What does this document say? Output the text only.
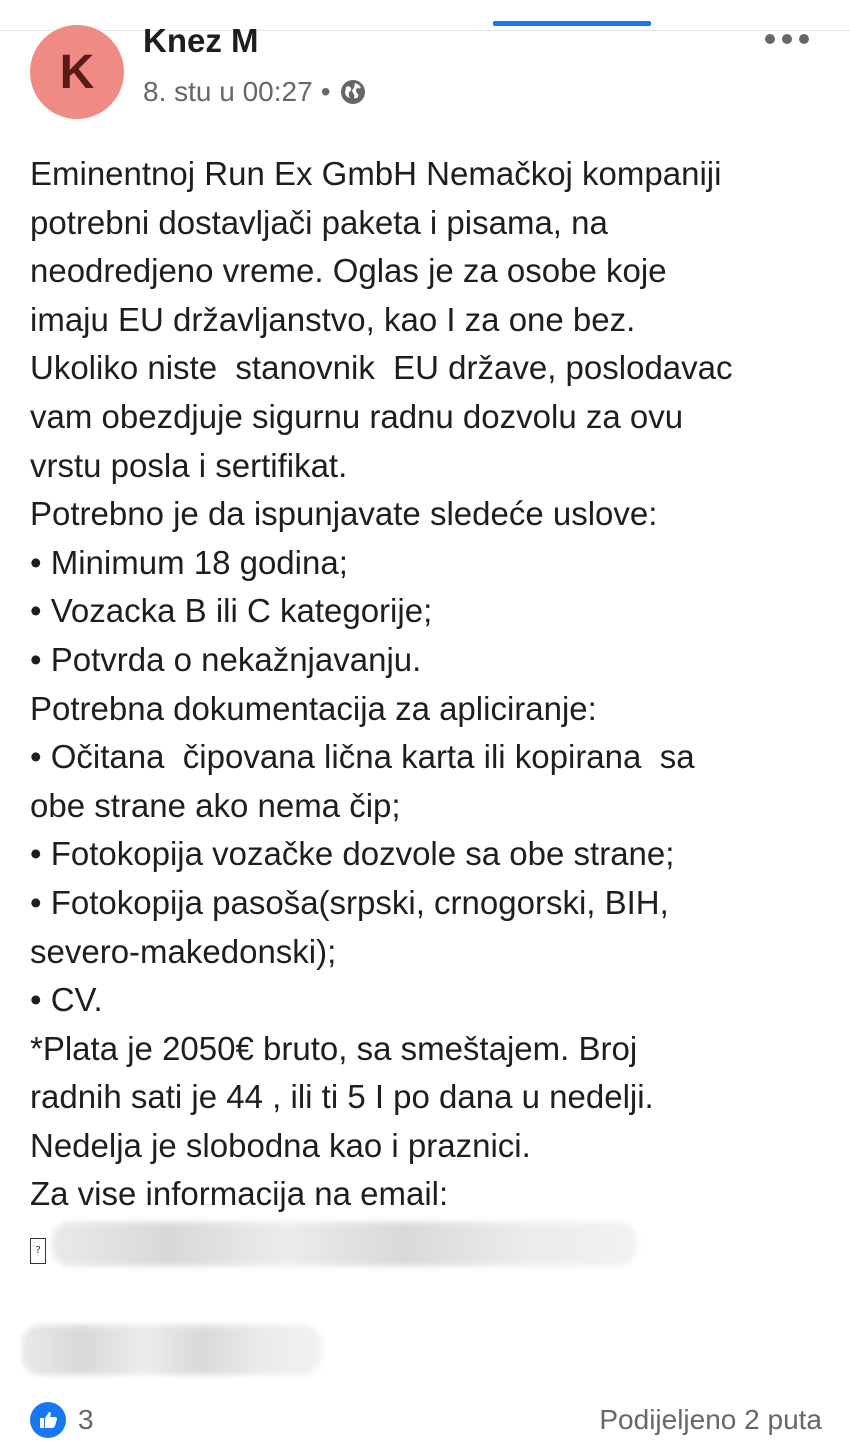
K
Knez M
8. stu u 00:27 •
Eminentnoj Run Ex GmbH Nemačkoj kompaniji
potrebni dostavljači paketa i pisama, na
neodredjeno vreme. Oglas je za osobe koje
imaju EU državljanstvo, kao I za one bez.
Ukoliko niste  stanovnik  EU države, poslodavac
vam obezdjuje sigurnu radnu dozvolu za ovu
vrstu posla i sertifikat.
Potrebno je da ispunjavate sledeće uslove:
• Minimum 18 godina;
• Vozacka B ili C kategorije;
• Potvrda o nekažnjavanju.
Potrebna dokumentacija za apliciranje:
• Očitana  čipovana lična karta ili kopirana  sa
obe strane ako nema čip;
• Fotokopija vozačke dozvole sa obe strane;
• Fotokopija pasoša(srpski, crnogorski, BIH,
severo-makedonski);
• CV.
*Plata je 2050€ bruto, sa smeštajem. Broj
radnih sati je 44 , ili ti 5 I po dana u nedelji.
Nedelja je slobodna kao i praznici.
Za vise informacija na email:
?

3	Podijeljeno 2 puta
